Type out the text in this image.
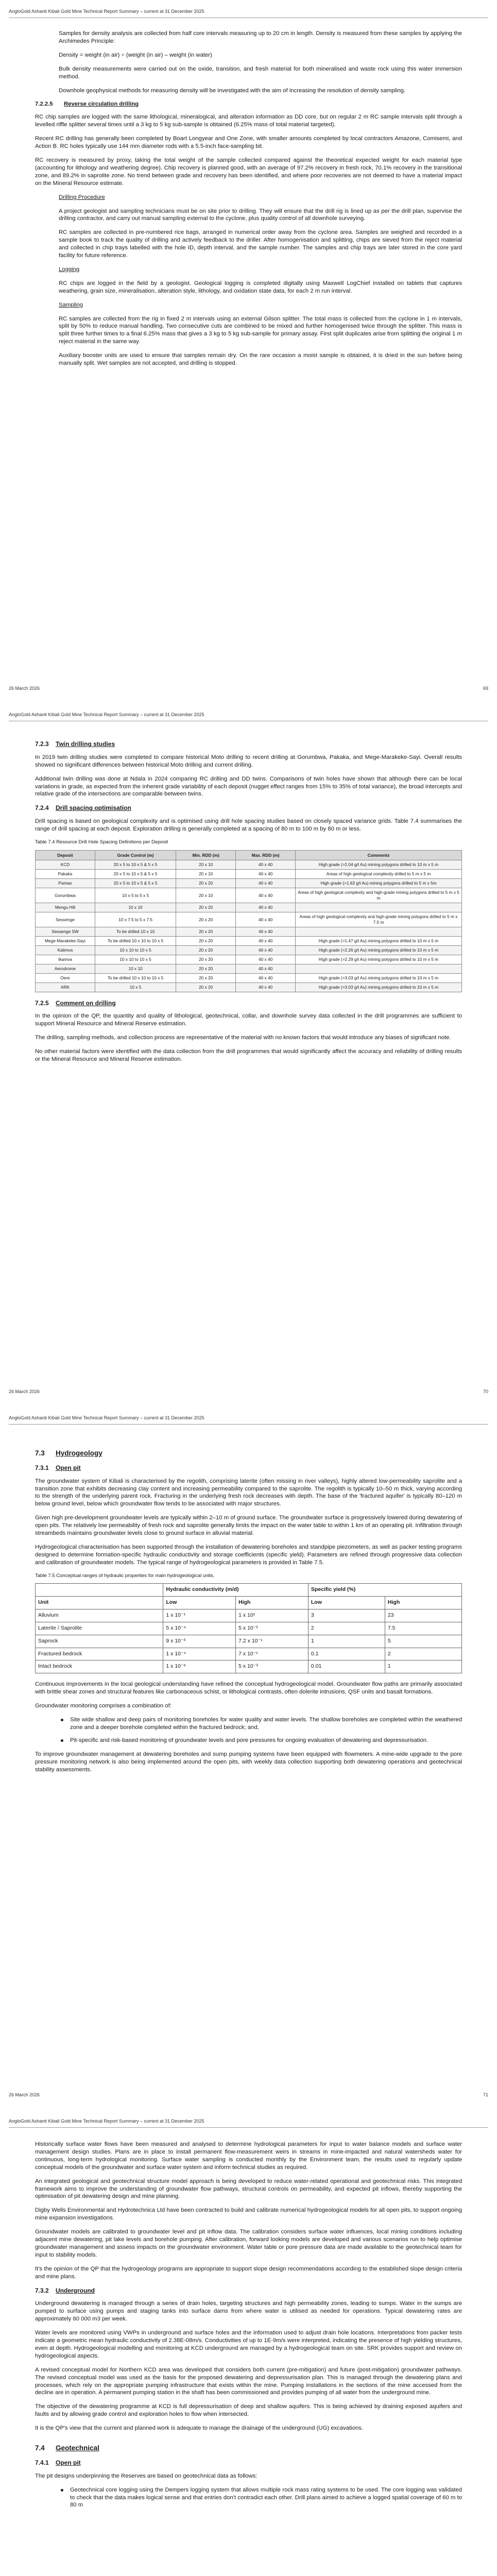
AngloGold Ashanti Kibali Gold Mine Technical Report Summary – current at 31 December 2025

Samples for density analysis are collected from half core intervals measuring up to 20 cm in length. Density is measured from these samples by applying the Archimedes Principle:

Density = weight (in air) ÷ (weight (in air) – weight (in water)

Bulk density measurements were carried out on the oxide, transition, and fresh material for both mineralised and waste rock using this water immersion method.

Downhole geophysical methods for measuring density will be investigated with the aim of increasing the resolution of density sampling.

7.2.2.5 Reverse circulation drilling

RC chip samples are logged with the same lithological, mineralogical, and alteration information as DD core, but on regular 2 m RC sample intervals split through a levelled riffle splitter several times until a 3 kg to 5 kg sub-sample is obtained (6.25% mass of total material targeted).

Recent RC drilling has generally been completed by Boart Longyear and One Zone, with smaller amounts completed by local contractors Amazone, Comisemi, and Action B. RC holes typically use 144 mm diameter rods with a 5.5-inch face-sampling bit.

RC recovery is measured by proxy, taking the total weight of the sample collected compared against the theoretical expected weight for each material type (accounting for lithology and weathering degree). Chip recovery is planned good, with an average of 97.2% recovery in fresh rock, 70.1% recovery in the transitional zone, and 89.2% in saprolite zone. No trend between grade and recovery has been identified, and where poor recoveries are not deemed to have a material impact on the Mineral Resource estimate.

Drilling Procedure

A project geologist and sampling technicians must be on site prior to drilling. They will ensure that the drill rig is lined up as per the drill plan, supervise the drilling contractor, and carry out manual sampling external to the cyclone, plus quality control of all downhole surveying.

RC samples are collected in pre-numbered rice bags, arranged in numerical order away from the cyclone area. Samples are weighed and recorded in a sample book to track the quality of drilling and actively feedback to the driller. After homogenisation and splitting, chips are sieved from the reject material and collected in chip trays labelled with the hole ID, depth interval, and the sample number. The samples and chip trays are later stored in the core yard facility for future reference.

Logging

RC chips are logged in the field by a geologist. Geological logging is completed digitally using Maxwell LogChief installed on tablets that captures weathering, grain size, mineralisation, alteration style, lithology, and oxidation state data, for each 2 m run interval.

Sampling

RC samples are collected from the rig in fixed 2 m intervals using an external Gilson splitter. The total mass is collected from the cyclone in 1 m intervals, split by 50% to reduce manual handling. Two consecutive cuts are combined to be mixed and further homogenised twice through the splitter. This mass is split three further times to a final 6.25% mass that gives a 3 kg to 5 kg sub-sample for primary assay. First split duplicates arise from splitting the original 1 m reject material in the same way.

Auxiliary booster units are used to ensure that samples remain dry. On the rare occasion a moist sample is obtained, it is dried in the sun before being manually split. Wet samples are not accepted, and drilling is stopped.

26 March 2026	69
AngloGold Ashanti Kibali Gold Mine Technical Report Summary – current at 31 December 2025
7.2.3 Twin drilling studies

In 2019 twin drilling studies were completed to compare historical Moto drilling to recent drilling at Gorumbwa, Pakaka, and Mege-Marakeke-Sayi. Overall results showed no significant differences between historical Moto drilling and current drilling.

Additional twin drilling was done at Ndala in 2024 comparing RC drilling and DD twins. Comparisons of twin holes have shown that although there can be local variations in grade, as expected from the inherent grade variability of each deposit (nugget effect ranges from 15% to 35% of total variance), the broad intercepts and relative grade of the intersections are comparable between twins.

7.2.4 Drill spacing optimisation

Drill spacing is based on geological complexity and is optimised using drill hole spacing studies based on closely spaced variance grids. Table 7.4 summarises the range of drill spacing at each deposit. Exploration drilling is generally completed at a spacing of 80 m to 100 m by 80 m or less.

Table 7.4 Resource Drill Hole Spacing Definitions per Deposit
Deposit	Grade Control (m)	Min. RDD (m)	Max. RDD (m)	Comments
KCD	20 x 5 to 10 x 5 & 5 x 5	20 x 10	40 x 40	High grade (>2.04 g/t Au) mining polygons drilled to 10 m x 5 m
Pakaka	20 x 5 to 10 x 5 & 5 x 5	20 x 10	40 x 40	Areas of high geological complexity drilled to 5 m x 5 m
Pamao	20 x 5 to 10 x 5 & 5 x 5	20 x 20	40 x 40	High grade (>1.63 g/t Au) mining polygons drilled to 5 m x 5m
Gorumbwa	10 x 5 to 5 x 5	20 x 10	40 x 40	Areas of high geological complexity and high-grade mining polygons drilled to 5 m x 5 m
Mengu Hill	10 x 10	20 x 20	40 x 40	
Sessenge	10 x 7.5 to 5 x 7.5	20 x 20	40 x 40	Areas of high geological complexity and high-grade mining polygons drilled to 5 m x 7.5 m
Sessenge SW	To be drilled 10 x 10	20 x 20	40 x 40	
Mege-Marakeke-Sayi	To be drilled 10 x 10 to 10 x 5	20 x 20	40 x 40	High grade (>1.47 g/t Au) mining polygons drilled to 10 m x 5 m
Kalimva	10 x 10 to 10 x 5	20 x 20	40 x 40	High grade (>2.26 g/t Au) mining polygons drilled to 10 m x 5 m
Ikamva	10 x 10 to 10 x 5	20 x 20	40 x 40	High grade (>2.29 g/t Au) mining polygons drilled to 10 m x 5 m
Aerodrome	10 x 10	20 x 20	40 x 40	
Oere	To be drilled 10 x 10 to 10 x 5	20 x 20	40 x 40	High grade (>3.03 g/t Au) mining polygons drilled to 10 m x 5 m
ARK	10 x 5	20 x 20	40 x 40	High grade (>3.03 g/t Au) mining polygons drilled to 10 m x 5 m
7.2.5 Comment on drilling

In the opinion of the QP, the quantity and quality of lithological, geotechnical, collar, and downhole survey data collected in the drill programmes are sufficient to support Mineral Resource and Mineral Reserve estimation.

The drilling, sampling methods, and collection process are representative of the material with no known factors that would introduce any biases of significant note.

No other material factors were identified with the data collection from the drill programmes that would significantly affect the accuracy and reliability of drilling results or the Mineral Resource and Mineral Reserve estimation.

26 March 2026	70
AngloGold Ashanti Kibali Gold Mine Technical Report Summary – current at 31 December 2025
7.3 Hydrogeology
7.3.1 Open pit

The groundwater system of Kibali is characterised by the regolith, comprising laterite (often missing in river valleys), highly altered low-permeability saprolite and a transition zone that exhibits decreasing clay content and increasing permeability compared to the saprolite. The regolith is typically 10–50 m thick, varying according to the strength of the underlying parent rock. Fracturing in the underlying fresh rock decreases with depth. The base of the 'fractured aquifer' is typically 80–120 m below ground level, below which groundwater flow tends to be associated with major structures.

Given high pre-development groundwater levels are typically within 2–10 m of ground surface. The groundwater surface is progressively lowered during dewatering of open pits. The relatively low permeability of fresh rock and saprolite generally limits the impact on the water table to within 1 km of an operating pit. Infiltration through streambeds maintains groundwater levels close to ground surface in alluvial material.

Hydrogeological characterisation has been supported through the installation of dewatering boreholes and standpipe piezometers, as well as packer testing programs designed to determine formation-specific hydraulic conductivity and storage coefficients (specific yield). Parameters are refined through progressive data collection and calibration of groundwater models. The typical range of hydrogeological parameters is provided in Table 7.5.

Table 7.5 Conceptual ranges of hydraulic properties for main hydrogeological units.
	Hydraulic conductivity (m/d)		Specific yield (%)	
Unit	Low	High	Low	High
Alluvium	1 x 10⁻¹	1 x 10¹	3	23
Laterite / Saprolite	5 x 10⁻⁴	5 x 10⁻²	2	7.5
Saprock	9 x 10⁻³	7.2 x 10⁻¹	1	5
Fractured bedrock	1 x 10⁻⁴	7 x 10⁻¹	0.1	2
Intact bedrock	1 x 10⁻⁶	5 x 10⁻³	0.01	1

Continuous improvements in the local geological understanding have refined the conceptual hydrogeological model. Groundwater flow paths are primarily associated with brittle shear zones and structural features like carbonaceous schist, or lithological contrasts, often dolerite intrusions, QSF units and basalt formations.

Groundwater monitoring comprises a combination of:

Site wide shallow and deep pairs of monitoring boreholes for water quality and water levels. The shallow boreholes are completed within the weathered zone and a deeper borehole completed within the fractured bedrock; and,
Pit-specific and risk-based monitoring of groundwater levels and pore pressures for ongoing evaluation of dewatering and depressurisation.

To improve groundwater management at dewatering boreholes and sump pumping systems have been equipped with flowmeters. A mine-wide upgrade to the pore pressure monitoring network is also being implemented around the open pits, with weekly data collection supporting both dewatering operations and geotechnical stability assessments.

26 March 2026	71
AngloGold Ashanti Kibali Gold Mine Technical Report Summary – current at 31 December 2025

Historically surface water flows have been measured and analysed to determine hydrological parameters for input to water balance models and surface water management design studies. Plans are in place to install permanent flow-measurement weirs in streams in mine-impacted and natural watersheds water for continuous, long-term hydrological monitoring. Surface water sampling is conducted monthly by the Environment team, the results used to regularly update conceptual models of the groundwater and surface water system and inform technical studies as required.

An integrated geological and geotechnical structure model approach is being developed to reduce water-related operational and geotechnical risks. This integrated framework aims to improve the understanding of groundwater flow pathways, structural controls on permeability, and expected pit inflows, thereby supporting the optimisation of pit dewatering design and mine planning.

Digby Wells Environmental and Hydrotechnica Ltd have been contracted to build and calibrate numerical hydrogeological models for all open pits, to support ongoing mine expansion investigations.

Groundwater models are calibrated to groundwater level and pit inflow data. The calibration considers surface water influences, local mining conditions including adjacent mine dewatering, pit lake levels and borehole pumping. After calibration, forward looking models are developed and various scenarios run to help optimise groundwater management and assess impacts on the groundwater environment. Water table or pore pressure data are made available to the geotechnical team for input to stability models.

It's the opinion of the QP that the hydrogeology programs are appropriate to support slope design recommendations according to the established slope design criteria and mine plans.

7.3.2 Underground

Underground dewatering is managed through a series of drain holes, targeting structures and high permeability zones, leading to sumps. Water in the sumps are pumped to surface using pumps and staging tanks into surface dams from where water is utilised as needed for operations. Typical dewatering rates are approximately 60 000 m3 per week.

Water levels are monitored using VWPs in underground and surface holes and the information used to adjust drain hole locations. Interpretations from packer tests indicate a geometric mean hydraulic conductivity of 2.38E-08m/s. Conductivities of up to 1E-9m/s were interpreted, indicating the presence of high yielding structures, even at depth. Hydrogeological modelling and monitoring at KCD underground are managed by a hydrogeological team on site. SRK provides support and review on hydrogeological aspects.

A revised conceptual model for Northern KCD area was developed that considers both current (pre-mitigation) and future (post-mitigation) groundwater pathways. The revised conceptual model was used as the basis for the proposed dewatering and depressurisation plan. This is managed through the dewatering plans and processes, which rely on the appropriate pumping infrastructure that exists within the mine. Pumping installations in the sections of the mine accessed from the decline are in operation. A permanent pumping station in the shaft has been commissioned and provides pumping of all water from the underground mine.

The objective of the dewatering programme at KCD is full depressurisation of deep and shallow aquifers. This is being achieved by draining exposed aquifers and faults and by allowing grade control and exploration holes to flow when intersected.

It is the QP's view that the current and planned work is adequate to manage the drainage of the underground (UG) excavations.

7.4 Geotechnical
7.4.1 Open pit

The pit designs underpinning the Reserves are based on geotechnical data as follows:

Geotechnical core logging using the Dempers logging system that allows multiple rock mass rating systems to be used. The core logging was validated to check that the data makes logical sense and that entries don't contradict each other. Drill plans aimed to achieve a logged spatial coverage of 60 m to 80 m
